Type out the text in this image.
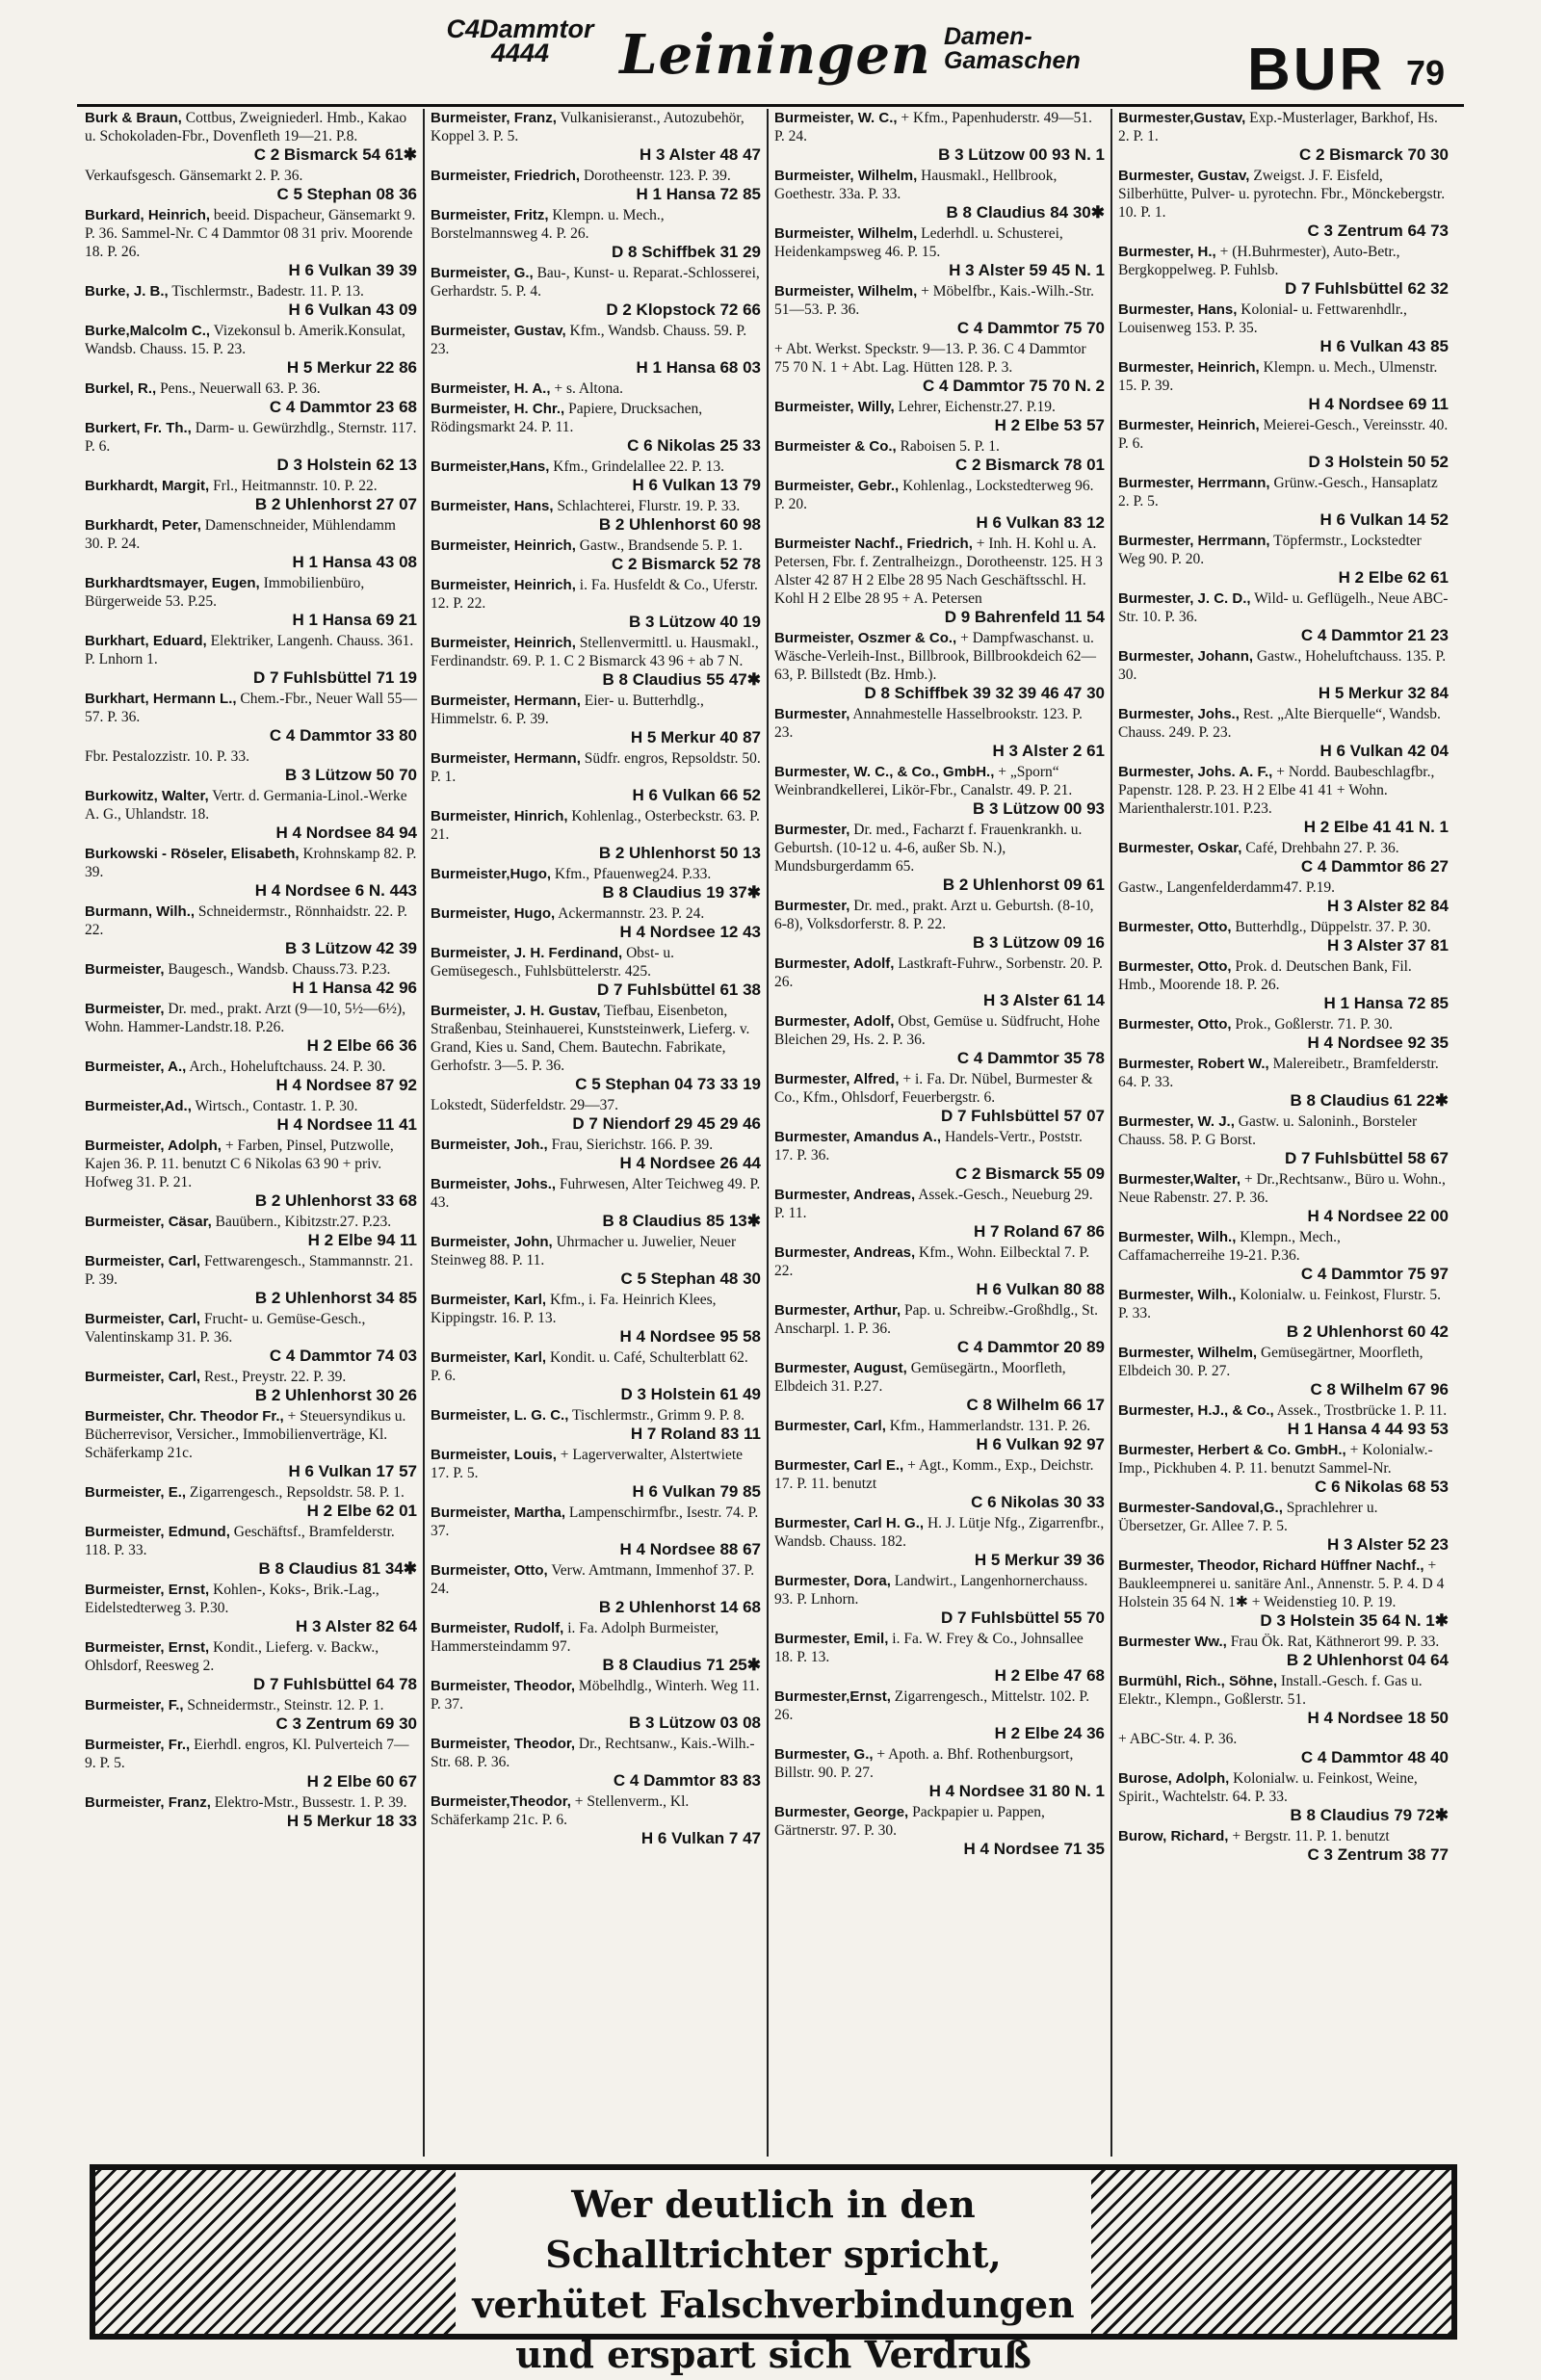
C4Dammtor
4444	Leiningen Damen-
Gamaschen	BUR 79
Burk & Braun, Cottbus, Zweigniederl. Hmb., Kakao u. Schokoladen-Fbr., Dovenfleth 19—21. P.8.
C 2 Bismarck 54 61✱
Verkaufsgesch. Gänsemarkt 2. P. 36.
C 5 Stephan 08 36
Burkard, Heinrich, beeid. Dispacheur, Gänsemarkt 9. P. 36. Sammel-Nr. C 4 Dammtor 08 31 priv. Moorende 18. P. 26.
H 6 Vulkan 39 39
Burke, J. B., Tischlermstr., Badestr. 11. P. 13.
H 6 Vulkan 43 09
Burke,Malcolm C., Vizekonsul b. Amerik.Konsulat, Wandsb. Chauss. 15. P. 23.
H 5 Merkur 22 86
Burkel, R., Pens., Neuerwall 63. P. 36.
C 4 Dammtor 23 68
Burkert, Fr. Th., Darm- u. Gewürzhdlg., Sternstr. 117. P. 6.
D 3 Holstein 62 13
Burkhardt, Margit, Frl., Heitmannstr. 10. P. 22.
B 2 Uhlenhorst 27 07
Burkhardt, Peter, Damenschneider, Mühlendamm 30. P. 24.
H 1 Hansa 43 08
Burkhardtsmayer, Eugen, Immobilienbüro, Bürgerweide 53. P.25.
H 1 Hansa 69 21
Burkhart, Eduard, Elektriker, Langenh. Chauss. 361. P. Lnhorn 1.
D 7 Fuhlsbüttel 71 19
Burkhart, Hermann L., Chem.-Fbr., Neuer Wall 55—57. P. 36.
C 4 Dammtor 33 80
Fbr. Pestalozzistr. 10. P. 33.
B 3 Lützow 50 70
Burkowitz, Walter, Vertr. d. Germania-Linol.-Werke A. G., Uhlandstr. 18.
H 4 Nordsee 84 94
Burkowski - Röseler, Elisabeth, Krohnskamp 82. P. 39.
H 4 Nordsee 6 N. 443
Burmann, Wilh., Schneidermstr., Rönnhaidstr. 22. P. 22.
B 3 Lützow 42 39
Burmeister, Baugesch., Wandsb. Chauss.73. P.23.
H 1 Hansa 42 96
Burmeister, Dr. med., prakt. Arzt (9—10, 5½—6½), Wohn. Hammer-Landstr.18. P.26.
H 2 Elbe 66 36
Burmeister, A., Arch., Hoheluftchauss. 24. P. 30.
H 4 Nordsee 87 92
Burmeister,Ad., Wirtsch., Contastr. 1. P. 30.
H 4 Nordsee 11 41
Burmeister, Adolph, + Farben, Pinsel, Putzwolle, Kajen 36. P. 11. benutzt C 6 Nikolas 63 90 + priv. Hofweg 31. P. 21.
B 2 Uhlenhorst 33 68
Burmeister, Cäsar, Bauübern., Kibitzstr.27. P.23.
H 2 Elbe 94 11
Burmeister, Carl, Fettwarengesch., Stammannstr. 21. P. 39.
B 2 Uhlenhorst 34 85
Burmeister, Carl, Frucht- u. Gemüse-Gesch., Valentinskamp 31. P. 36.
C 4 Dammtor 74 03
Burmeister, Carl, Rest., Preystr. 22. P. 39.
B 2 Uhlenhorst 30 26
Burmeister, Chr. Theodor Fr., + Steuersyndikus u. Bücherrevisor, Versicher., Immobilienverträge, Kl. Schäferkamp 21c.
H 6 Vulkan 17 57
Burmeister, E., Zigarrengesch., Repsoldstr. 58. P. 1.
H 2 Elbe 62 01
Burmeister, Edmund, Geschäftsf., Bramfelderstr. 118. P. 33.
B 8 Claudius 81 34✱
Burmeister, Ernst, Kohlen-, Koks-, Brik.-Lag., Eidelstedterweg 3. P.30.
H 3 Alster 82 64
Burmeister, Ernst, Kondit., Lieferg. v. Backw., Ohlsdorf, Reesweg 2.
D 7 Fuhlsbüttel 64 78
Burmeister, F., Schneidermstr., Steinstr. 12. P. 1.
C 3 Zentrum 69 30
Burmeister, Fr., Eierhdl. engros, Kl. Pulverteich 7—9. P. 5.
H 2 Elbe 60 67
Burmeister, Franz, Elektro-Mstr., Bussestr. 1. P. 39.
H 5 Merkur 18 33
Burmeister, Franz, Vulkanisieranst., Autozubehör, Koppel 3. P. 5.
H 3 Alster 48 47
Burmeister, Friedrich, Dorotheenstr. 123. P. 39.
H 1 Hansa 72 85
Burmeister, Fritz, Klempn. u. Mech., Borstelmannsweg 4. P. 26.
D 8 Schiffbek 31 29
Burmeister, G., Bau-, Kunst- u. Reparat.-Schlosserei, Gerhardstr. 5. P. 4.
D 2 Klopstock 72 66
Burmeister, Gustav, Kfm., Wandsb. Chauss. 59. P. 23.
H 1 Hansa 68 03
Burmeister, H. A., + s. Altona.
Burmeister, H. Chr., Papiere, Drucksachen, Rödingsmarkt 24. P. 11.
C 6 Nikolas 25 33
Burmeister,Hans, Kfm., Grindelallee 22. P. 13.
H 6 Vulkan 13 79
Burmeister, Hans, Schlachterei, Flurstr. 19. P. 33.
B 2 Uhlenhorst 60 98
Burmeister, Heinrich, Gastw., Brandsende 5. P. 1.
C 2 Bismarck 52 78
Burmeister, Heinrich, i. Fa. Husfeldt & Co., Uferstr. 12. P. 22.
B 3 Lützow 40 19
Burmeister, Heinrich, Stellenvermittl. u. Hausmakl., Ferdinandstr. 69. P. 1. C 2 Bismarck 43 96 + ab 7 N.
B 8 Claudius 55 47✱
Burmeister, Hermann, Eier- u. Butterhdlg., Himmelstr. 6. P. 39.
H 5 Merkur 40 87
Burmeister, Hermann, Südfr. engros, Repsoldstr. 50. P. 1.
H 6 Vulkan 66 52
Burmeister, Hinrich, Kohlenlag., Osterbeckstr. 63. P. 21.
B 2 Uhlenhorst 50 13
Burmeister,Hugo, Kfm., Pfauenweg24. P.33.
B 8 Claudius 19 37✱
Burmeister, Hugo, Ackermannstr. 23. P. 24.
H 4 Nordsee 12 43
Burmeister, J. H. Ferdinand, Obst- u. Gemüsegesch., Fuhlsbüttelerstr. 425.
D 7 Fuhlsbüttel 61 38
Burmeister, J. H. Gustav, Tiefbau, Eisenbeton, Straßenbau, Steinhauerei, Kunststeinwerk, Lieferg. v. Grand, Kies u. Sand, Chem. Bautechn. Fabrikate, Gerhofstr. 3—5. P. 36.
C 5 Stephan 04 73 33 19
Lokstedt, Süderfeldstr. 29—37.
D 7 Niendorf 29 45 29 46
Burmeister, Joh., Frau, Sierichstr. 166. P. 39.
H 4 Nordsee 26 44
Burmeister, Johs., Fuhrwesen, Alter Teichweg 49. P. 43.
B 8 Claudius 85 13✱
Burmeister, John, Uhrmacher u. Juwelier, Neuer Steinweg 88. P. 11.
C 5 Stephan 48 30
Burmeister, Karl, Kfm., i. Fa. Heinrich Klees, Kippingstr. 16. P. 13.
H 4 Nordsee 95 58
Burmeister, Karl, Kondit. u. Café, Schulterblatt 62. P. 6.
D 3 Holstein 61 49
Burmeister, L. G. C., Tischlermstr., Grimm 9. P. 8.
H 7 Roland 83 11
Burmeister, Louis, + Lagerverwalter, Alstertwiete 17. P. 5.
H 6 Vulkan 79 85
Burmeister, Martha, Lampenschirmfbr., Isestr. 74. P. 37.
H 4 Nordsee 88 67
Burmeister, Otto, Verw. Amtmann, Immenhof 37. P. 24.
B 2 Uhlenhorst 14 68
Burmeister, Rudolf, i. Fa. Adolph Burmeister, Hammersteindamm 97.
B 8 Claudius 71 25✱
Burmeister, Theodor, Möbelhdlg., Winterh. Weg 11. P. 37.
B 3 Lützow 03 08
Burmeister, Theodor, Dr., Rechtsanw., Kais.-Wilh.-Str. 68. P. 36.
C 4 Dammtor 83 83
Burmeister,Theodor, + Stellenverm., Kl. Schäferkamp 21c. P. 6.
H 6 Vulkan 7 47
Burmeister, W. C., + Kfm., Papenhuderstr. 49—51. P. 24.
B 3 Lützow 00 93 N. 1
Burmeister, Wilhelm, Hausmakl., Hellbrook, Goethestr. 33a. P. 33.
B 8 Claudius 84 30✱
Burmeister, Wilhelm, Lederhdl. u. Schusterei, Heidenkampsweg 46. P. 15.
H 3 Alster 59 45 N. 1
Burmeister, Wilhelm, + Möbelfbr., Kais.-Wilh.-Str. 51—53. P. 36.
C 4 Dammtor 75 70
+ Abt. Werkst. Speckstr. 9—13. P. 36. C 4 Dammtor 75 70 N. 1 + Abt. Lag. Hütten 128. P. 3.
C 4 Dammtor 75 70 N. 2
Burmeister, Willy, Lehrer, Eichenstr.27. P.19.
H 2 Elbe 53 57
Burmeister & Co., Raboisen 5. P. 1.
C 2 Bismarck 78 01
Burmeister, Gebr., Kohlenlag., Lockstedterweg 96. P. 20.
H 6 Vulkan 83 12
Burmeister Nachf., Friedrich, + Inh. H. Kohl u. A. Petersen, Fbr. f. Zentralheizgn., Dorotheenstr. 125. H 3 Alster 42 87 H 2 Elbe 28 95 Nach Geschäftsschl. H. Kohl H 2 Elbe 28 95 + A. Petersen
D 9 Bahrenfeld 11 54
Burmeister, Oszmer & Co., + Dampfwaschanst. u. Wäsche-Verleih-Inst., Billbrook, Billbrookdeich 62—63, P. Billstedt (Bz. Hmb.).
D 8 Schiffbek 39 32 39 46 47 30
Burmester, Annahmestelle Hasselbrookstr. 123. P. 23.
H 3 Alster 2 61
Burmester, W. C., & Co., GmbH., + „Sporn“ Weinbrandkellerei, Likör-Fbr., Canalstr. 49. P. 21.
B 3 Lützow 00 93
Burmester, Dr. med., Facharzt f. Frauenkrankh. u. Geburtsh. (10-12 u. 4-6, außer Sb. N.), Mundsburgerdamm 65.
B 2 Uhlenhorst 09 61
Burmester, Dr. med., prakt. Arzt u. Geburtsh. (8-10, 6-8), Volksdorferstr. 8. P. 22.
B 3 Lützow 09 16
Burmester, Adolf, Lastkraft-Fuhrw., Sorbenstr. 20. P. 26.
H 3 Alster 61 14
Burmester, Adolf, Obst, Gemüse u. Südfrucht, Hohe Bleichen 29, Hs. 2. P. 36.
C 4 Dammtor 35 78
Burmester, Alfred, + i. Fa. Dr. Nübel, Burmester & Co., Kfm., Ohlsdorf, Feuerbergstr. 6.
D 7 Fuhlsbüttel 57 07
Burmester, Amandus A., Handels-Vertr., Poststr. 17. P. 36.
C 2 Bismarck 55 09
Burmester, Andreas, Assek.-Gesch., Neueburg 29. P. 11.
H 7 Roland 67 86
Burmester, Andreas, Kfm., Wohn. Eilbecktal 7. P. 22.
H 6 Vulkan 80 88
Burmester, Arthur, Pap. u. Schreibw.-Großhdlg., St. Anscharpl. 1. P. 36.
C 4 Dammtor 20 89
Burmester, August, Gemüsegärtn., Moorfleth, Elbdeich 31. P.27.
C 8 Wilhelm 66 17
Burmester, Carl, Kfm., Hammerlandstr. 131. P. 26.
H 6 Vulkan 92 97
Burmester, Carl E., + Agt., Komm., Exp., Deichstr. 17. P. 11. benutzt
C 6 Nikolas 30 33
Burmester, Carl H. G., H. J. Lütje Nfg., Zigarrenfbr., Wandsb. Chauss. 182.
H 5 Merkur 39 36
Burmester, Dora, Landwirt., Langenhornerchauss. 93. P. Lnhorn.
D 7 Fuhlsbüttel 55 70
Burmester, Emil, i. Fa. W. Frey & Co., Johnsallee 18. P. 13.
H 2 Elbe 47 68
Burmester,Ernst, Zigarrengesch., Mittelstr. 102. P. 26.
H 2 Elbe 24 36
Burmester, G., + Apoth. a. Bhf. Rothenburgsort, Billstr. 90. P. 27.
H 4 Nordsee 31 80 N. 1
Burmester, George, Packpapier u. Pappen, Gärtnerstr. 97. P. 30.
H 4 Nordsee 71 35
Burmester,Gustav, Exp.-Musterlager, Barkhof, Hs. 2. P. 1.
C 2 Bismarck 70 30
Burmester, Gustav, Zweigst. J. F. Eisfeld, Silberhütte, Pulver- u. pyrotechn. Fbr., Mönckebergstr. 10. P. 1.
C 3 Zentrum 64 73
Burmester, H., + (H.Buhrmester), Auto-Betr., Bergkoppelweg. P. Fuhlsb.
D 7 Fuhlsbüttel 62 32
Burmester, Hans, Kolonial- u. Fettwarenhdlr., Louisenweg 153. P. 35.
H 6 Vulkan 43 85
Burmester, Heinrich, Klempn. u. Mech., Ulmenstr. 15. P. 39.
H 4 Nordsee 69 11
Burmester, Heinrich, Meierei-Gesch., Vereinsstr. 40. P. 6.
D 3 Holstein 50 52
Burmester, Herrmann, Grünw.-Gesch., Hansaplatz 2. P. 5.
H 6 Vulkan 14 52
Burmester, Herrmann, Töpfermstr., Lockstedter Weg 90. P. 20.
H 2 Elbe 62 61
Burmester, J. C. D., Wild- u. Geflügelh., Neue ABC-Str. 10. P. 36.
C 4 Dammtor 21 23
Burmester, Johann, Gastw., Hoheluftchauss. 135. P. 30.
H 5 Merkur 32 84
Burmester, Johs., Rest. „Alte Bierquelle“, Wandsb. Chauss. 249. P. 23.
H 6 Vulkan 42 04
Burmester, Johs. A. F., + Nordd. Baubeschlagfbr., Papenstr. 128. P. 23. H 2 Elbe 41 41 + Wohn. Marienthalerstr.101. P.23.
H 2 Elbe 41 41 N. 1
Burmester, Oskar, Café, Drehbahn 27. P. 36.
C 4 Dammtor 86 27
Gastw., Langenfelderdamm47. P.19.
H 3 Alster 82 84
Burmester, Otto, Butterhdlg., Düppelstr. 37. P. 30.
H 3 Alster 37 81
Burmester, Otto, Prok. d. Deutschen Bank, Fil. Hmb., Moorende 18. P. 26.
H 1 Hansa 72 85
Burmester, Otto, Prok., Goßlerstr. 71. P. 30.
H 4 Nordsee 92 35
Burmester, Robert W., Malereibetr., Bramfelderstr. 64. P. 33.
B 8 Claudius 61 22✱
Burmester, W. J., Gastw. u. Saloninh., Borsteler Chauss. 58. P. G Borst.
D 7 Fuhlsbüttel 58 67
Burmester,Walter, + Dr.,Rechtsanw., Büro u. Wohn., Neue Rabenstr. 27. P. 36.
H 4 Nordsee 22 00
Burmester, Wilh., Klempn., Mech., Caffamacherreihe 19-21. P.36.
C 4 Dammtor 75 97
Burmester, Wilh., Kolonialw. u. Feinkost, Flurstr. 5. P. 33.
B 2 Uhlenhorst 60 42
Burmester, Wilhelm, Gemüsegärtner, Moorfleth, Elbdeich 30. P. 27.
C 8 Wilhelm 67 96
Burmester, H.J., & Co., Assek., Trostbrücke 1. P. 11.
H 1 Hansa 4 44 93 53
Burmester, Herbert & Co. GmbH., + Kolonialw.-Imp., Pickhuben 4. P. 11. benutzt Sammel-Nr.
C 6 Nikolas 68 53
Burmester-Sandoval,G., Sprachlehrer u. Übersetzer, Gr. Allee 7. P. 5.
H 3 Alster 52 23
Burmester, Theodor, Richard Hüffner Nachf., + Baukleempnerei u. sanitäre Anl., Annenstr. 5. P. 4. D 4 Holstein 35 64 N. 1✱ + Weidenstieg 10. P. 19.
D 3 Holstein 35 64 N. 1✱
Burmester Ww., Frau Ök. Rat, Käthnerort 99. P. 33.
B 2 Uhlenhorst 04 64
Burmühl, Rich., Söhne, Install.-Gesch. f. Gas u. Elektr., Klempn., Goßlerstr. 51.
H 4 Nordsee 18 50
+ ABC-Str. 4. P. 36.
C 4 Dammtor 48 40
Burose, Adolph, Kolonialw. u. Feinkost, Weine, Spirit., Wachtelstr. 64. P. 33.
B 8 Claudius 79 72✱
Burow, Richard, + Bergstr. 11. P. 1. benutzt
C 3 Zentrum 38 77
Wer deutlich in den Schalltrichter spricht,
verhütet Falschverbindungen
und erspart sich Verdruß
